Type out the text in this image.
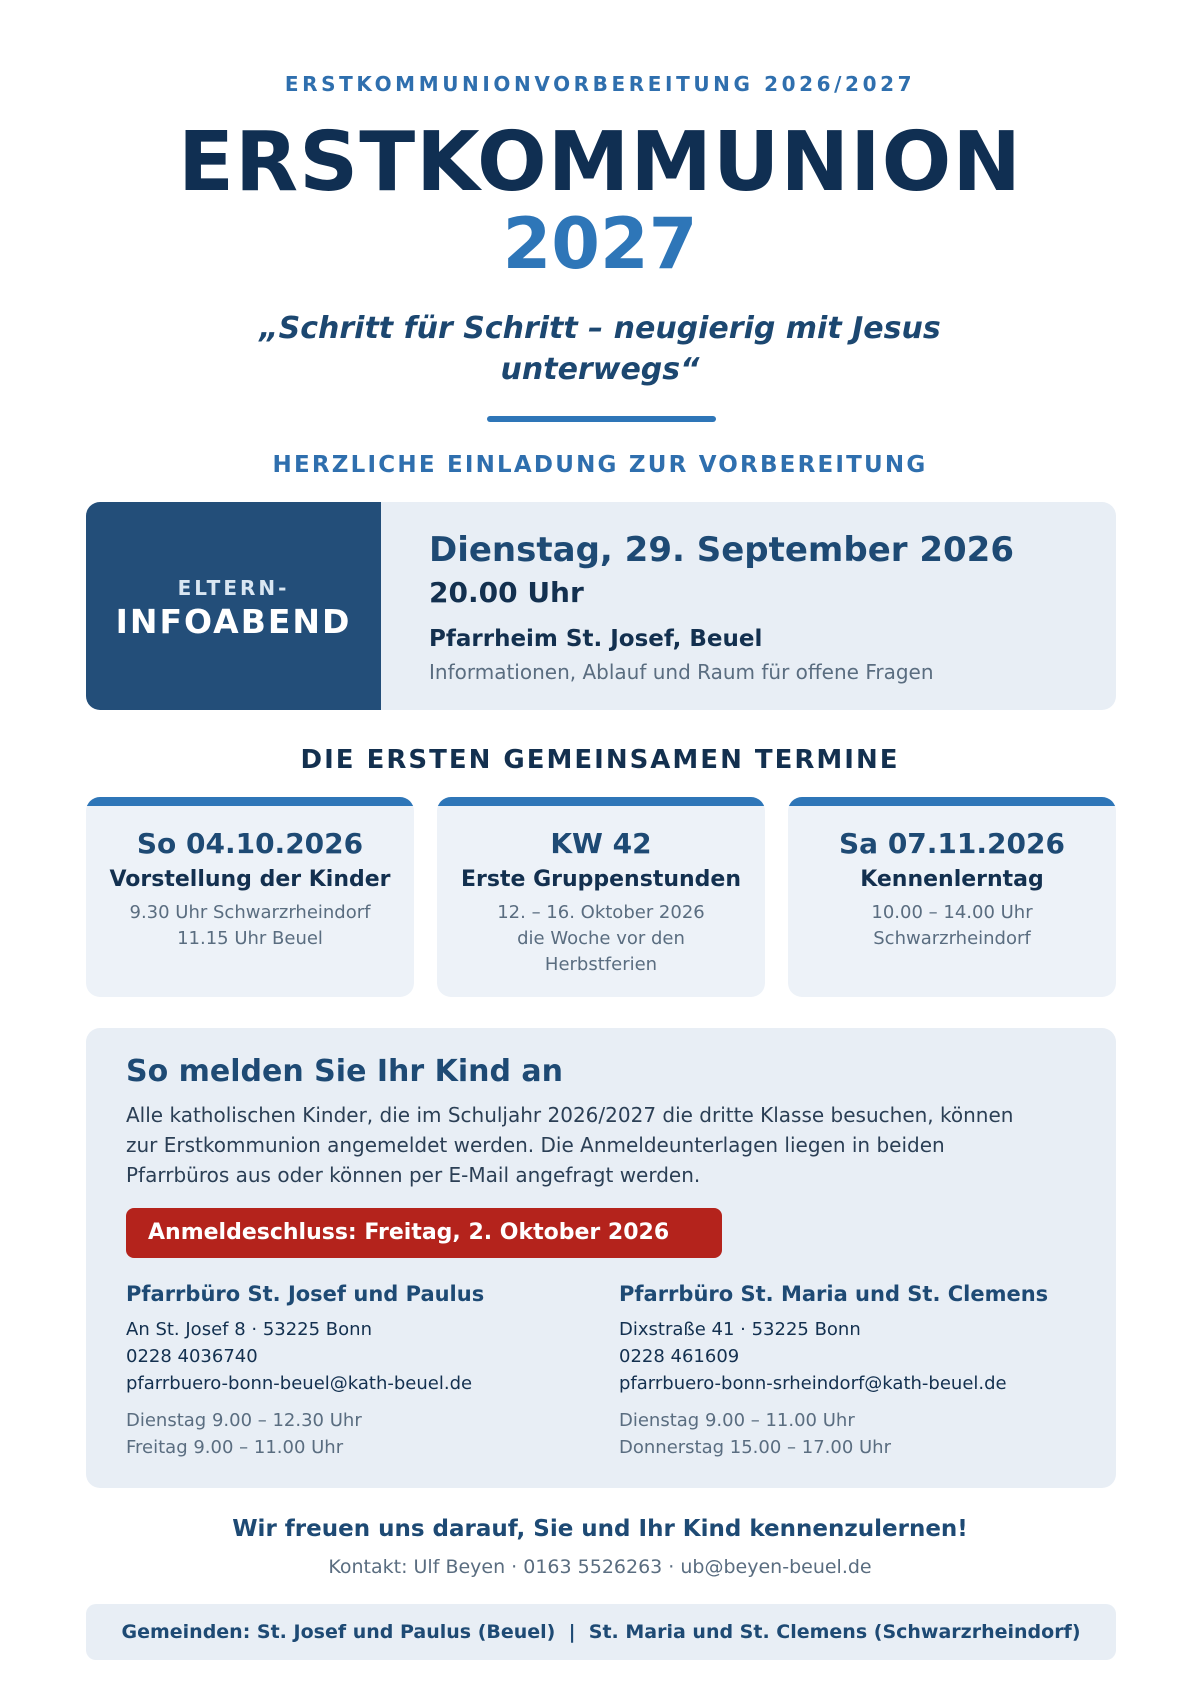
ERSTKOMMUNIONVORBEREITUNG 2026/2027
ERSTKOMMUNION
2027
„Schritt für Schritt – neugierig mit Jesus
unterwegs“
HERZLICHE EINLADUNG ZUR VORBEREITUNG
ELTERN-
INFOABEND
Dienstag, 29. September 2026
20.00 Uhr
Pfarrheim St. Josef, Beuel
Informationen, Ablauf und Raum für offene Fragen
DIE ERSTEN GEMEINSAMEN TERMINE
So 04.10.2026
Vorstellung der Kinder
9.30 Uhr Schwarzrheindorf
11.15 Uhr Beuel
KW 42
Erste Gruppenstunden
12. – 16. Oktober 2026
die Woche vor den
Herbstferien
Sa 07.11.2026
Kennenlerntag
10.00 – 14.00 Uhr
Schwarzrheindorf
So melden Sie Ihr Kind an
Alle katholischen Kinder, die im Schuljahr 2026/2027 die dritte Klasse besuchen, können
zur Erstkommunion angemeldet werden. Die Anmeldeunterlagen liegen in beiden
Pfarrbüros aus oder können per E-Mail angefragt werden.
Anmeldeschluss: Freitag, 2. Oktober 2026
Pfarrbüro St. Josef und Paulus
An St. Josef 8 · 53225 Bonn
0228 4036740
pfarrbuero-bonn-beuel@kath-beuel.de
Dienstag 9.00 – 12.30 Uhr
Freitag 9.00 – 11.00 Uhr
Pfarrbüro St. Maria und St. Clemens
Dixstraße 41 · 53225 Bonn
0228 461609
pfarrbuero-bonn-srheindorf@kath-beuel.de
Dienstag 9.00 – 11.00 Uhr
Donnerstag 15.00 – 17.00 Uhr
Wir freuen uns darauf, Sie und Ihr Kind kennenzulernen!
Kontakt: Ulf Beyen · 0163 5526263 · ub@beyen-beuel.de
Gemeinden: St. Josef und Paulus (Beuel)  |  St. Maria und St. Clemens (Schwarzrheindorf)
